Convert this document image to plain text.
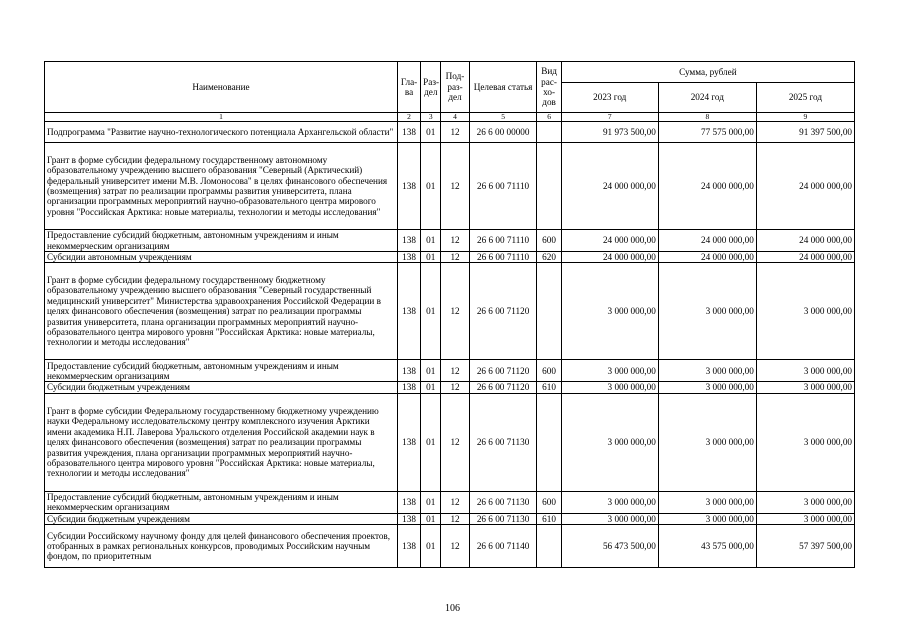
Наименование	Гла-ва	Раз-дел	Под-раз-дел	Целевая статья	Вид рас-хо-дов	Сумма, рублей		
						2023 год	2024 год	2025 год
1	2	3	4	5	6	7	8	9
Подпрограмма "Развитие научно-технологического потенциала Архангельской области"	138	01	12	26 6 00 00000		91 973 500,00	77 575 000,00	91 397 500,00
Грант в форме субсидии федеральному государственному автономному образовательному учреждению высшего образования "Северный (Арктический) федеральный университет имени М.В. Ломоносова" в целях финансового обеспечения (возмещения) затрат по реализации программы развития университета, плана организации программных мероприятий научно-образовательного центра мирового уровня "Российская Арктика: новые материалы, технологии и методы исследования"	138	01	12	26 6 00 71110		24 000 000,00	24 000 000,00	24 000 000,00
Предоставление субсидий бюджетным, автономным учреждениям и иным некоммерческим организациям	138	01	12	26 6 00 71110	600	24 000 000,00	24 000 000,00	24 000 000,00
Субсидии автономным учреждениям	138	01	12	26 6 00 71110	620	24 000 000,00	24 000 000,00	24 000 000,00
Грант в форме субсидии федеральному государственному бюджетному образовательному учреждению высшего образования "Северный государственный медицинский университет" Министерства здравоохранения Российской Федерации в целях финансового обеспечения (возмещения) затрат по реализации программы развития университета, плана организации программных мероприятий научно-образовательного центра мирового уровня "Российская Арктика: новые материалы, технологии и методы исследования"	138	01	12	26 6 00 71120		3 000 000,00	3 000 000,00	3 000 000,00
Предоставление субсидий бюджетным, автономным учреждениям и иным некоммерческим организациям	138	01	12	26 6 00 71120	600	3 000 000,00	3 000 000,00	3 000 000,00
Субсидии бюджетным учреждениям	138	01	12	26 6 00 71120	610	3 000 000,00	3 000 000,00	3 000 000,00
Грант в форме субсидии Федеральному государственному бюджетному учреждению науки Федеральному исследовательскому центру комплексного изучения Арктики имени академика Н.П. Лаверова Уральского отделения Российской академии наук в целях финансового обеспечения (возмещения) затрат по реализации программы развития учреждения, плана организации программных мероприятий научно-образовательного центра мирового уровня "Российская Арктика: новые материалы, технологии и методы исследования"	138	01	12	26 6 00 71130		3 000 000,00	3 000 000,00	3 000 000,00
Предоставление субсидий бюджетным, автономным учреждениям и иным некоммерческим организациям	138	01	12	26 6 00 71130	600	3 000 000,00	3 000 000,00	3 000 000,00
Субсидии бюджетным учреждениям	138	01	12	26 6 00 71130	610	3 000 000,00	3 000 000,00	3 000 000,00
Субсидии Российскому научному фонду для целей финансового обеспечения проектов, отобранных в рамках региональных конкурсов, проводимых Российским научным фондом, по приоритетным	138	01	12	26 6 00 71140		56 473 500,00	43 575 000,00	57 397 500,00
106
